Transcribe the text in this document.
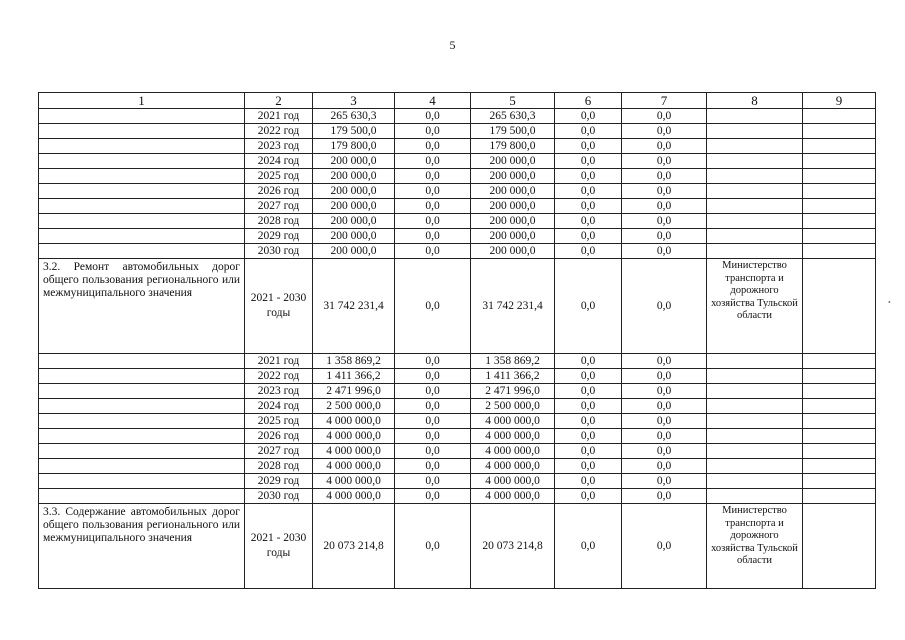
5
1	2	3	4	5	6	7	8	9
	2021 год	265 630,3	0,0	265 630,3	0,0	0,0		
	2022 год	179 500,0	0,0	179 500,0	0,0	0,0		
	2023 год	179 800,0	0,0	179 800,0	0,0	0,0		
	2024 год	200 000,0	0,0	200 000,0	0,0	0,0		
	2025 год	200 000,0	0,0	200 000,0	0,0	0,0		
	2026 год	200 000,0	0,0	200 000,0	0,0	0,0		
	2027 год	200 000,0	0,0	200 000,0	0,0	0,0		
	2028 год	200 000,0	0,0	200 000,0	0,0	0,0		
	2029 год	200 000,0	0,0	200 000,0	0,0	0,0		
	2030 год	200 000,0	0,0	200 000,0	0,0	0,0		
3.2. Ремонт автомобильных дорог общего пользования регионального или межмуниципального значения	2021 - 2030 годы	31 742 231,4	0,0	31 742 231,4	0,0	0,0	Министерство транспорта и дорожного хозяйства Тульской области	
	2021 год	1 358 869,2	0,0	1 358 869,2	0,0	0,0		
	2022 год	1 411 366,2	0,0	1 411 366,2	0,0	0,0		
	2023 год	2 471 996,0	0,0	2 471 996,0	0,0	0,0		
	2024 год	2 500 000,0	0,0	2 500 000,0	0,0	0,0		
	2025 год	4 000 000,0	0,0	4 000 000,0	0,0	0,0		
	2026 год	4 000 000,0	0,0	4 000 000,0	0,0	0,0		
	2027 год	4 000 000,0	0,0	4 000 000,0	0,0	0,0		
	2028 год	4 000 000,0	0,0	4 000 000,0	0,0	0,0		
	2029 год	4 000 000,0	0,0	4 000 000,0	0,0	0,0		
	2030 год	4 000 000,0	0,0	4 000 000,0	0,0	0,0		
3.3. Содержание автомобильных дорог общего пользования регионального или межмуниципального значения	2021 - 2030 годы	20 073 214,8	0,0	20 073 214,8	0,0	0,0	Министерство транспорта и дорожного хозяйства Тульской области	
•
